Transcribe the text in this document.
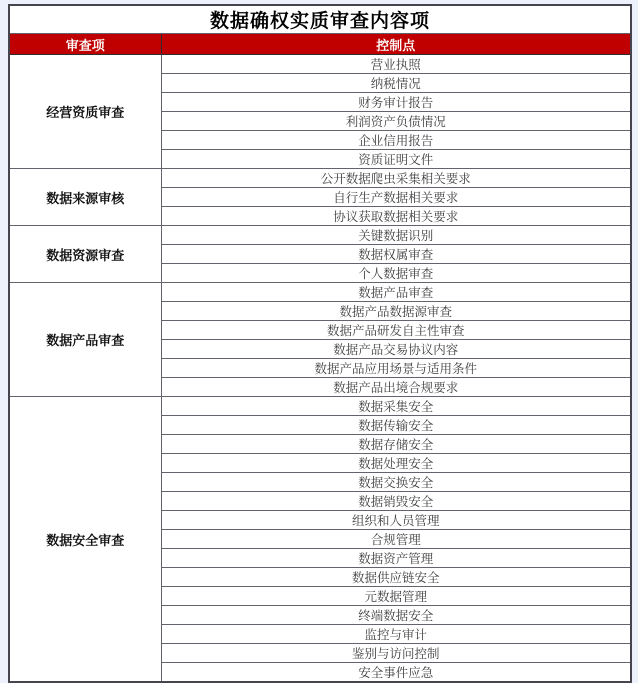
数据确权实质审查内容项	
审查项	控制点
经营资质审查	营业执照
	纳税情况
	财务审计报告
	利润资产负债情况
	企业信用报告
	资质证明文件
数据来源审核	公开数据爬虫采集相关要求
	自行生产数据相关要求
	协议获取数据相关要求
数据资源审查	关键数据识别
	数据权属审查
	个人数据审查
数据产品审查	数据产品审查
	数据产品数据源审查
	数据产品研发自主性审查
	数据产品交易协议内容
	数据产品应用场景与适用条件
	数据产品出境合规要求
数据安全审查	数据采集安全
	数据传输安全
	数据存储安全
	数据处理安全
	数据交换安全
	数据销毁安全
	组织和人员管理
	合规管理
	数据资产管理
	数据供应链安全
	元数据管理
	终端数据安全
	监控与审计
	鉴别与访问控制
	安全事件应急
